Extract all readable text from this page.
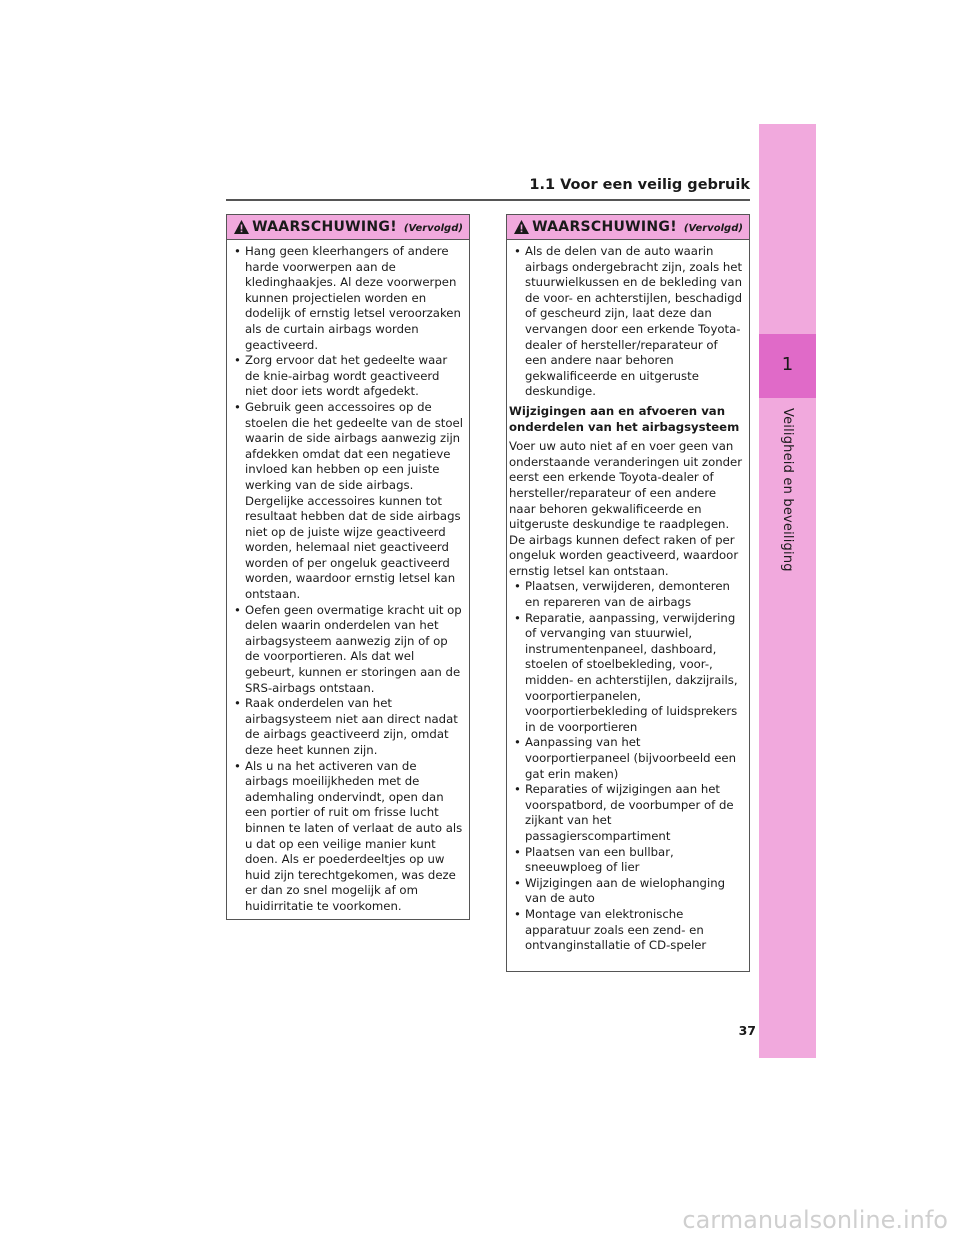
1
Veiligheid en beveiliging
1.1 Voor een veilig gebruik
WAARSCHUWING! (Vervolgd)
• Hang geen kleerhangers of andere harde voorwerpen aan de kledinghaakjes. Al deze voorwerpen kunnen projectielen worden en dodelijk of ernstig letsel veroorzaken als de curtain airbags worden geactiveerd.
• Zorg ervoor dat het gedeelte waar de knie-airbag wordt geactiveerd niet door iets wordt afgedekt.
• Gebruik geen accessoires op de stoelen die het gedeelte van de stoel waarin de side airbags aanwezig zijn afdekken omdat dat een negatieve invloed kan hebben op een juiste werking van de side airbags. Dergelijke accessoires kunnen tot resultaat hebben dat de side airbags niet op de juiste wijze geactiveerd worden, helemaal niet geactiveerd worden of per ongeluk geactiveerd worden, waardoor ernstig letsel kan ontstaan.
• Oefen geen overmatige kracht uit op delen waarin onderdelen van het airbagsysteem aanwezig zijn of op de voorportieren. Als dat wel gebeurt, kunnen er storingen aan de SRS-airbags ontstaan.
• Raak onderdelen van het airbagsysteem niet aan direct nadat de airbags geactiveerd zijn, omdat deze heet kunnen zijn.
• Als u na het activeren van de airbags moeilijkheden met de ademhaling ondervindt, open dan een portier of ruit om frisse lucht binnen te laten of verlaat de auto als u dat op een veilige manier kunt doen. Als er poederdeeltjes op uw huid zijn terechtgekomen, was deze er dan zo snel mogelijk af om huidirritatie te voorkomen.
WAARSCHUWING! (Vervolgd)
• Als de delen van de auto waarin airbags ondergebracht zijn, zoals het stuurwielkussen en de bekleding van de voor- en achterstijlen, beschadigd of gescheurd zijn, laat deze dan vervangen door een erkende Toyota-dealer of hersteller/reparateur of een andere naar behoren gekwalificeerde en uitgeruste deskundige.
Wijzigingen aan en afvoeren van onderdelen van het airbagsysteem
Voer uw auto niet af en voer geen van onderstaande veranderingen uit zonder eerst een erkende Toyota-dealer of hersteller/reparateur of een andere naar behoren gekwalificeerde en uitgeruste deskundige te raadplegen. De airbags kunnen defect raken of per ongeluk worden geactiveerd, waardoor ernstig letsel kan ontstaan.
• Plaatsen, verwijderen, demonteren en repareren van de airbags
• Reparatie, aanpassing, verwijdering of vervanging van stuurwiel, instrumentenpaneel, dashboard, stoelen of stoelbekleding, voor-, midden- en achterstijlen, dakzijrails, voorportierpanelen, voorportierbekleding of luidsprekers in de voorportieren
• Aanpassing van het voorportierpaneel (bijvoorbeeld een gat erin maken)
• Reparaties of wijzigingen aan het voorspatbord, de voorbumper of de zijkant van het passagierscompartiment
• Plaatsen van een bullbar, sneeuwploeg of lier
• Wijzigingen aan de wielophanging van de auto
• Montage van elektronische apparatuur zoals een zend- en ontvanginstallatie of CD-speler
37
carmanualsonline.info
